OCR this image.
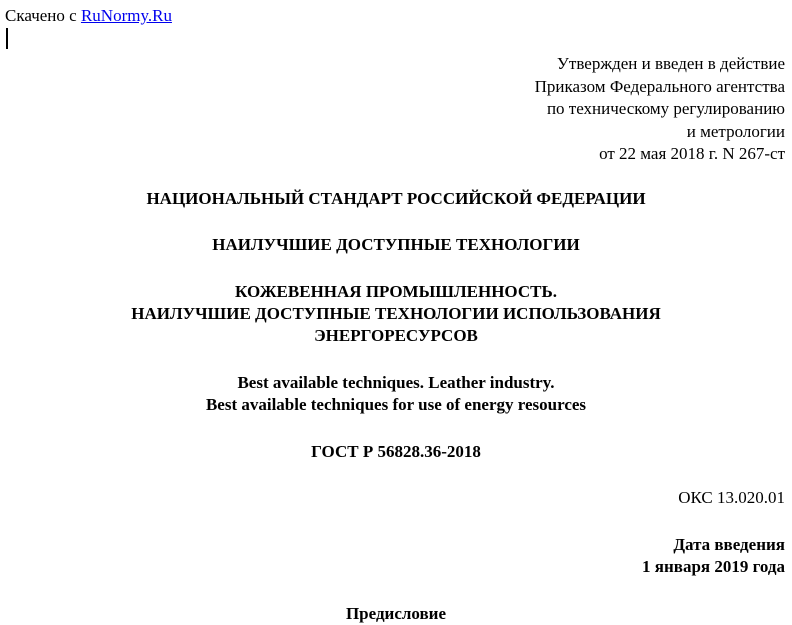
Скачено с RuNormy.Ru
Утвержден и введен в действие
Приказом Федерального агентства
по техническому регулированию
и метрологии
от 22 мая 2018 г. N 267-ст
НАЦИОНАЛЬНЫЙ СТАНДАРТ РОССИЙСКОЙ ФЕДЕРАЦИИ
НАИЛУЧШИЕ ДОСТУПНЫЕ ТЕХНОЛОГИИ
КОЖЕВЕННАЯ ПРОМЫШЛЕННОСТЬ.
НАИЛУЧШИЕ ДОСТУПНЫЕ ТЕХНОЛОГИИ ИСПОЛЬЗОВАНИЯ
ЭНЕРГОРЕСУРСОВ
Best available techniques. Leather industry.
Best available techniques for use of energy resources
ГОСТ Р 56828.36-2018
ОКС 13.020.01
Дата введения
1 января 2019 года
Предисловие
